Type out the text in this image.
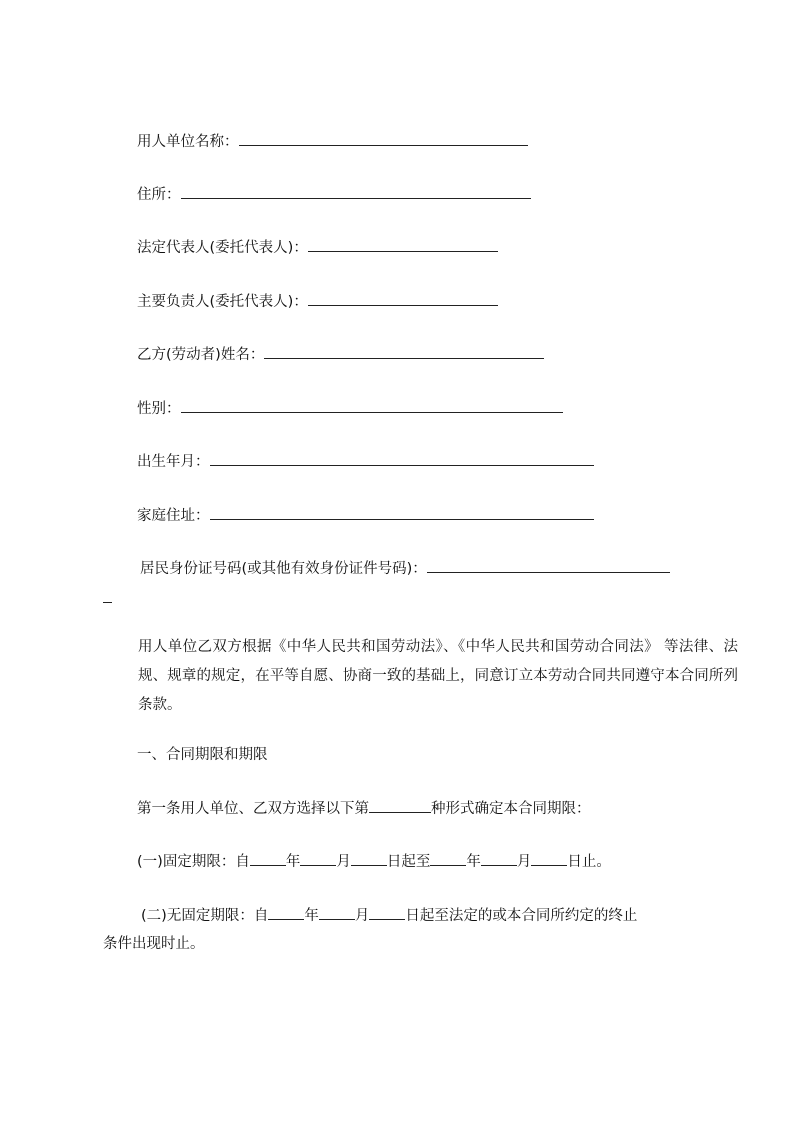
用人单位名称：
住所：
法定代表人(委托代表人)：
主要负责人(委托代表人)：
乙方(劳动者)姓名：
性别：
出生年月：
家庭住址：
居民身份证号码(或其他有效身份证件号码)：
用人单位乙双方根据《中华人民共和国劳动法》、《中华人民共和国劳动合同法》 等法律、法规、规章的规定，在平等自愿、协商一致的基础上，同意订立本劳动合同共同遵守本合同所列条款。
一、合同期限和期限
第一条用人单位、乙双方选择以下第	种形式确定本合同期限：
(一)固定期限：自 年 月 日起至 年 月 日止。
(二)无固定期限：自 年 月 日起至法定的或本合同所约定的终止
条件出现时止。
